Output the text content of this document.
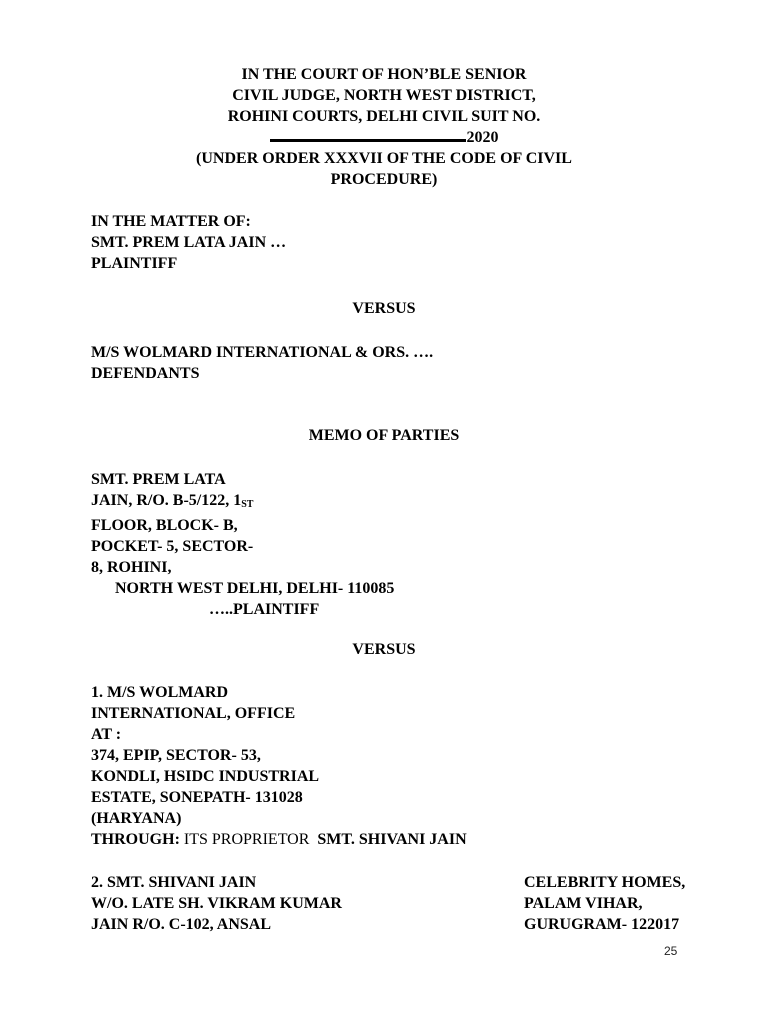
IN THE COURT OF HON’BLE SENIOR
CIVIL JUDGE, NORTH WEST DISTRICT,
ROHINI COURTS, DELHI CIVIL SUIT NO.
2020
(UNDER ORDER XXXVII OF THE CODE OF CIVIL
PROCEDURE)
IN THE MATTER OF:
SMT. PREM LATA JAIN …
PLAINTIFF
VERSUS
M/S WOLMARD INTERNATIONAL & ORS. ….
DEFENDANTS
MEMO OF PARTIES
SMT. PREM LATA
JAIN, R/O. B-5/122, 1ST
FLOOR, BLOCK- B,
POCKET- 5, SECTOR-
8, ROHINI,
NORTH WEST DELHI, DELHI- 110085
…..PLAINTIFF
VERSUS
1. M/S WOLMARD
INTERNATIONAL, OFFICE
AT :
374, EPIP, SECTOR- 53,
KONDLI, HSIDC INDUSTRIAL
ESTATE, SONEPATH- 131028
(HARYANA)
THROUGH: ITS PROPRIETOR SMT. SHIVANI JAIN
2. SMT. SHIVANI JAIN
W/O. LATE SH. VIKRAM KUMAR
JAIN R/O. C-102, ANSAL
CELEBRITY HOMES,
PALAM VIHAR,
GURUGRAM- 122017
25
